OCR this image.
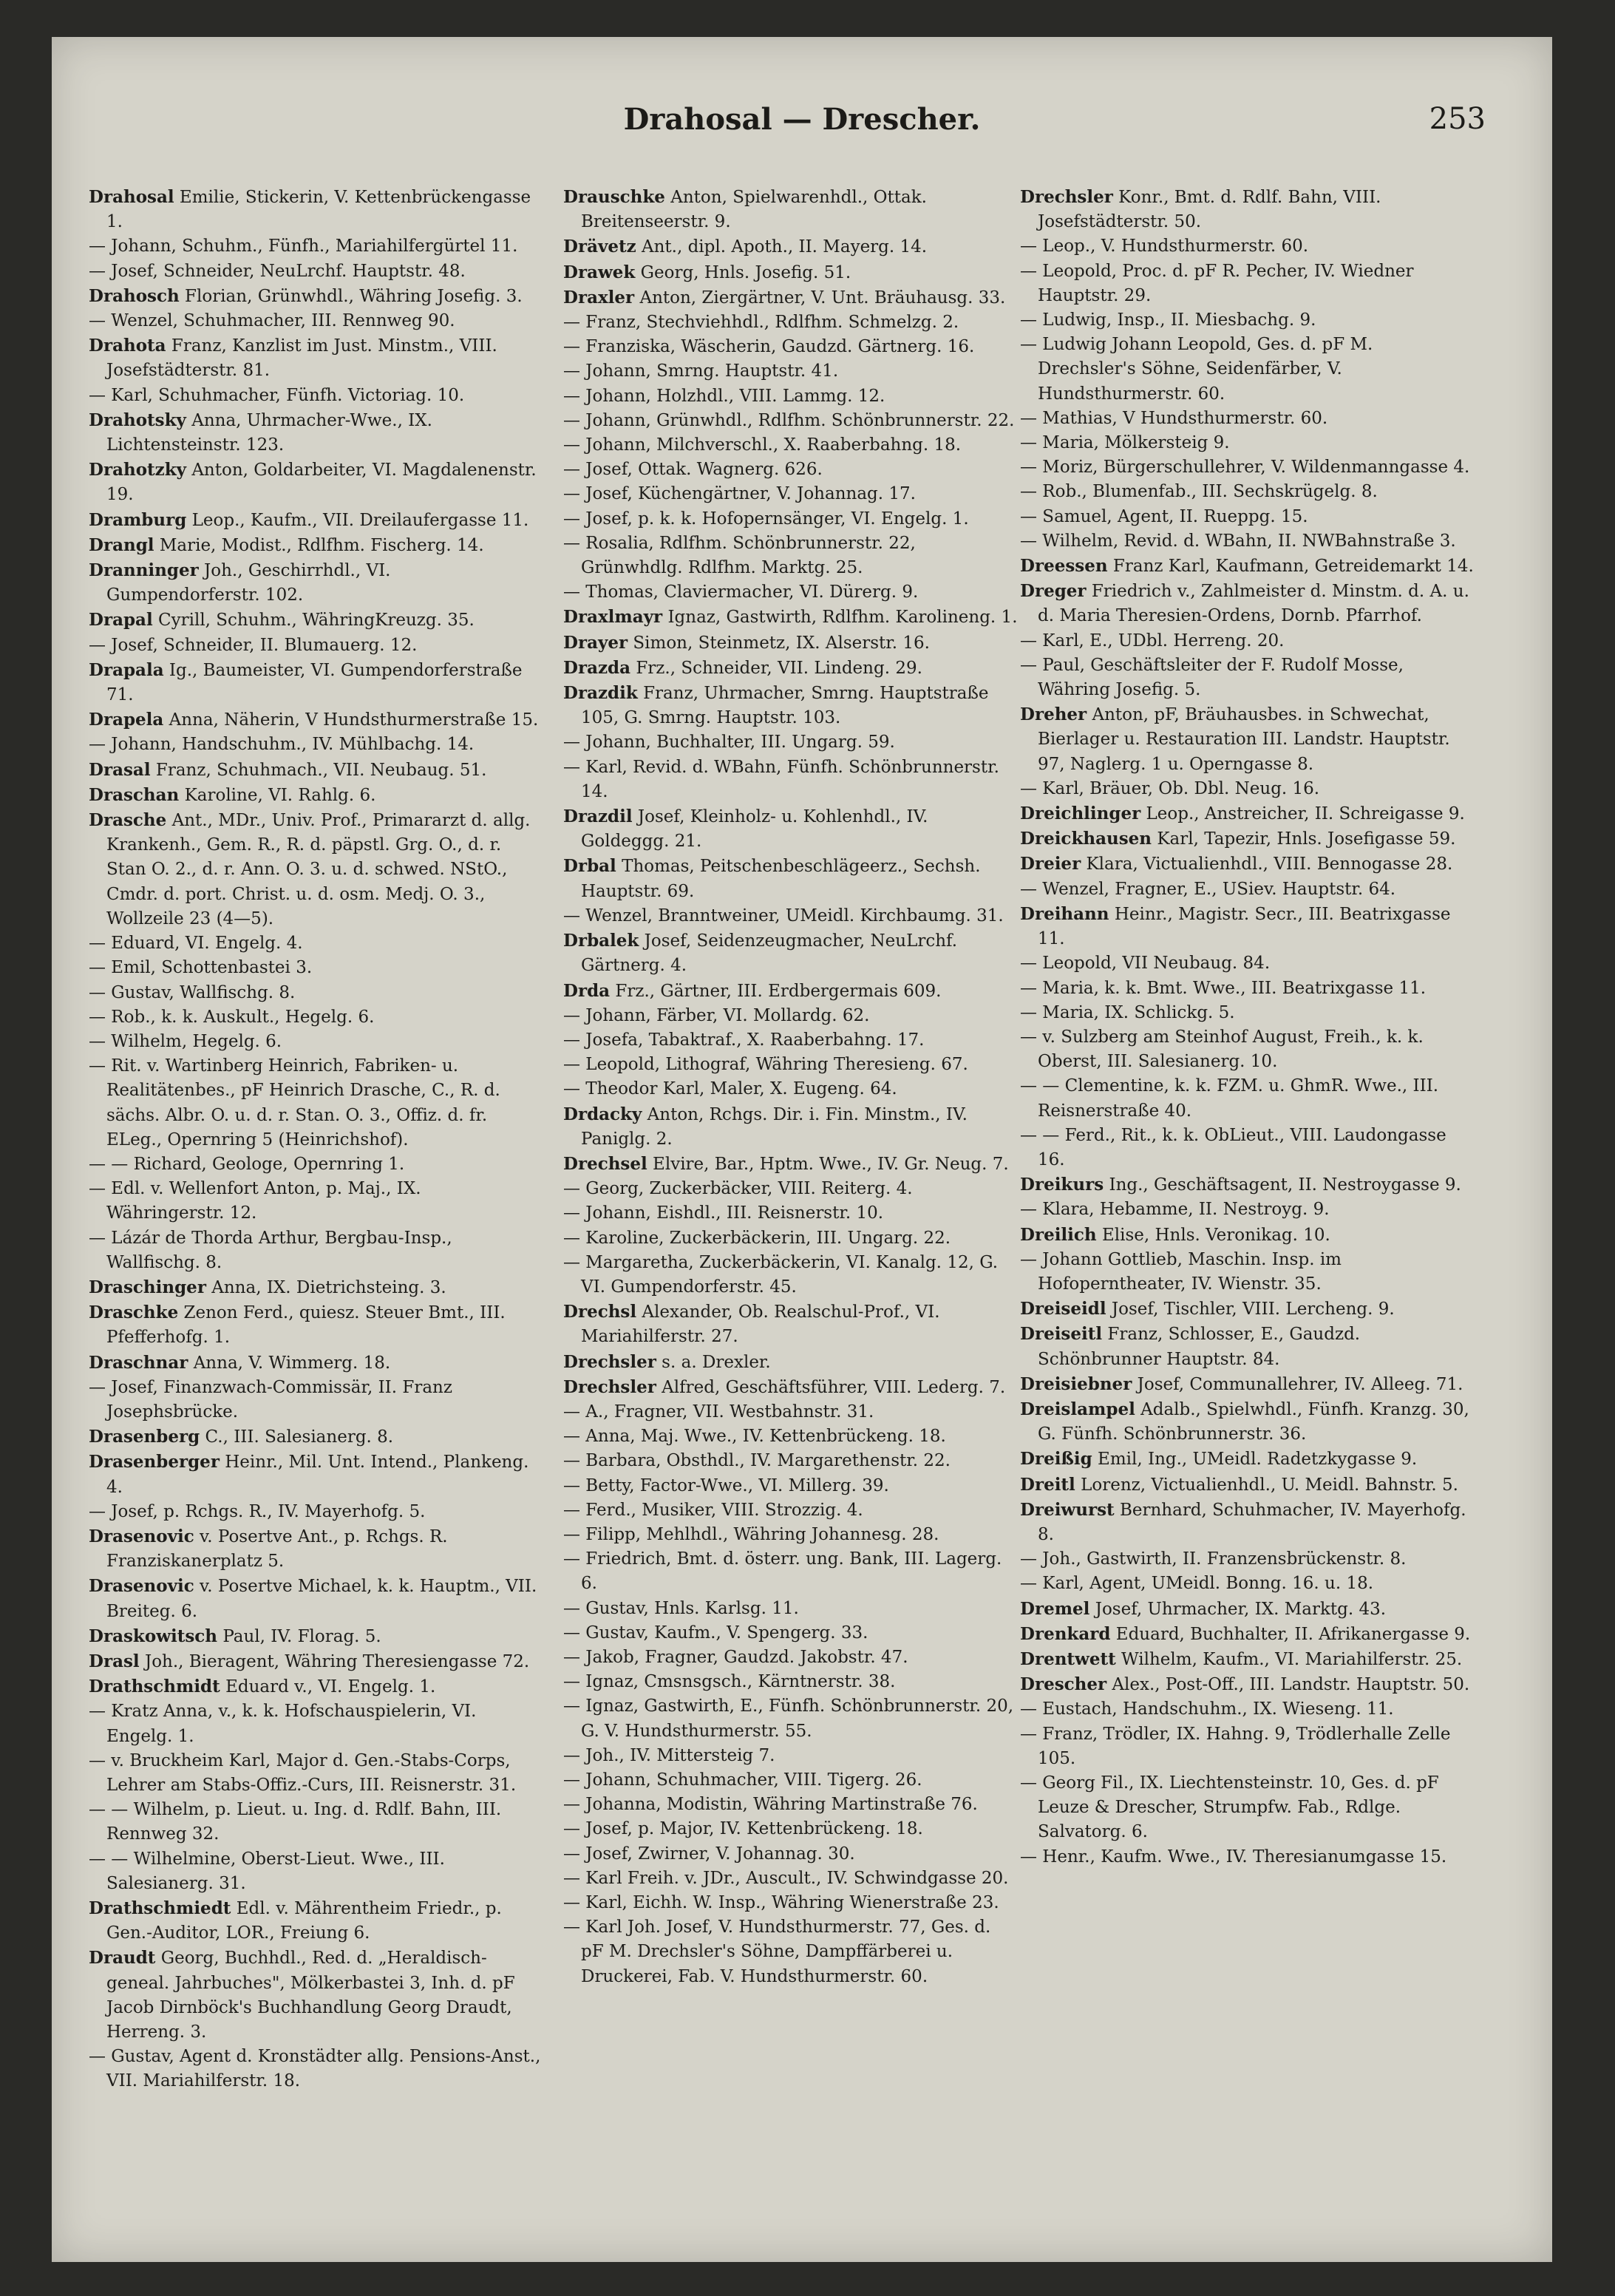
Drahosal — Drescher.	253

Drahosal Emilie, Stickerin, V. Kettenbrückengasse 1.

— Johann, Schuhm., Fünfh., Mariahilfergürtel 11.

— Josef, Schneider, NeuLrchf. Hauptstr. 48.

Drahosch Florian, Grünwhdl., Währing Josefig. 3.

— Wenzel, Schuhmacher, III. Rennweg 90.

Drahota Franz, Kanzlist im Just. Minstm., VIII. Josefstädterstr. 81.

— Karl, Schuhmacher, Fünfh. Victoriag. 10.

Drahotsky Anna, Uhrmacher-Wwe., IX. Lichtensteinstr. 123.

Drahotzky Anton, Goldarbeiter, VI. Magdalenenstr. 19.

Dramburg Leop., Kaufm., VII. Dreilaufergasse 11.

Drangl Marie, Modist., Rdlfhm. Fischerg. 14.

Dranninger Joh., Geschirrhdl., VI. Gumpendorferstr. 102.

Drapal Cyrill, Schuhm., WähringKreuzg. 35.

— Josef, Schneider, II. Blumauerg. 12.

Drapala Ig., Baumeister, VI. Gumpendorferstraße 71.

Drapela Anna, Näherin, V Hundsthurmerstraße 15.

— Johann, Handschuhm., IV. Mühlbachg. 14.

Drasal Franz, Schuhmach., VII. Neubaug. 51.

Draschan Karoline, VI. Rahlg. 6.

Drasche Ant., MDr., Univ. Prof., Primararzt d. allg. Krankenh., Gem. R., R. d. päpstl. Grg. O., d. r. Stan O. 2., d. r. Ann. O. 3. u. d. schwed. NStO., Cmdr. d. port. Christ. u. d. osm. Medj. O. 3., Wollzeile 23 (4—5).

— Eduard, VI. Engelg. 4.

— Emil, Schottenbastei 3.

— Gustav, Wallfischg. 8.

— Rob., k. k. Auskult., Hegelg. 6.

— Wilhelm, Hegelg. 6.

— Rit. v. Wartinberg Heinrich, Fabriken- u. Realitätenbes., pF Heinrich Drasche, C., R. d. sächs. Albr. O. u. d. r. Stan. O. 3., Offiz. d. fr. ELeg., Opernring 5 (Heinrichshof).

— — Richard, Geologe, Opernring 1.

— Edl. v. Wellenfort Anton, p. Maj., IX. Währingerstr. 12.

— Lázár de Thorda Arthur, Bergbau-Insp., Wallfischg. 8.

Draschinger Anna, IX. Dietrichsteing. 3.

Draschke Zenon Ferd., quiesz. Steuer Bmt., III. Pfefferhofg. 1.

Draschnar Anna, V. Wimmerg. 18.

— Josef, Finanzwach-Commissär, II. Franz Josephsbrücke.

Drasenberg C., III. Salesianerg. 8.

Drasenberger Heinr., Mil. Unt. Intend., Plankeng. 4.

— Josef, p. Rchgs. R., IV. Mayerhofg. 5.

Drasenovic v. Posertve Ant., p. Rchgs. R. Franziskanerplatz 5.

Drasenovic v. Posertve Michael, k. k. Hauptm., VII. Breiteg. 6.

Draskowitsch Paul, IV. Florag. 5.

Drasl Joh., Bieragent, Währing Theresiengasse 72.

Drathschmidt Eduard v., VI. Engelg. 1.

— Kratz Anna, v., k. k. Hofschauspielerin, VI. Engelg. 1.

— v. Bruckheim Karl, Major d. Gen.-Stabs-Corps, Lehrer am Stabs-Offiz.-Curs, III. Reisnerstr. 31.

— — Wilhelm, p. Lieut. u. Ing. d. Rdlf. Bahn, III. Rennweg 32.

— — Wilhelmine, Oberst-Lieut. Wwe., III. Salesianerg. 31.

Drathschmiedt Edl. v. Mährentheim Friedr., p. Gen.-Auditor, LOR., Freiung 6.

Draudt Georg, Buchhdl., Red. d. „Heraldisch-geneal. Jahrbuches", Mölkerbastei 3, Inh. d. pF Jacob Dirnböck's Buchhandlung Georg Draudt, Herreng. 3.

— Gustav, Agent d. Kronstädter allg. Pensions-Anst., VII. Mariahilferstr. 18.

Drauschke Anton, Spielwarenhdl., Ottak. Breitenseerstr. 9.

Drävetz Ant., dipl. Apoth., II. Mayerg. 14.

Drawek Georg, Hnls. Josefig. 51.

Draxler Anton, Ziergärtner, V. Unt. Bräuhausg. 33.

— Franz, Stechviehhdl., Rdlfhm. Schmelzg. 2.

— Franziska, Wäscherin, Gaudzd. Gärtnerg. 16.

— Johann, Smrng. Hauptstr. 41.

— Johann, Holzhdl., VIII. Lammg. 12.

— Johann, Grünwhdl., Rdlfhm. Schönbrunnerstr. 22.

— Johann, Milchverschl., X. Raaberbahng. 18.

— Josef, Ottak. Wagnerg. 626.

— Josef, Küchengärtner, V. Johannag. 17.

— Josef, p. k. k. Hofopernsänger, VI. Engelg. 1.

— Rosalia, Rdlfhm. Schönbrunnerstr. 22, Grünwhdlg. Rdlfhm. Marktg. 25.

— Thomas, Claviermacher, VI. Dürerg. 9.

Draxlmayr Ignaz, Gastwirth, Rdlfhm. Karolineng. 1.

Drayer Simon, Steinmetz, IX. Alserstr. 16.

Drazda Frz., Schneider, VII. Lindeng. 29.

Drazdik Franz, Uhrmacher, Smrng. Hauptstraße 105, G. Smrng. Hauptstr. 103.

— Johann, Buchhalter, III. Ungarg. 59.

— Karl, Revid. d. WBahn, Fünfh. Schönbrunnerstr. 14.

Drazdil Josef, Kleinholz- u. Kohlenhdl., IV. Goldeggg. 21.

Drbal Thomas, Peitschenbeschlägeerz., Sechsh. Hauptstr. 69.

— Wenzel, Branntweiner, UMeidl. Kirchbaumg. 31.

Drbalek Josef, Seidenzeugmacher, NeuLrchf. Gärtnerg. 4.

Drda Frz., Gärtner, III. Erdbergermais 609.

— Johann, Färber, VI. Mollardg. 62.

— Josefa, Tabaktraf., X. Raaberbahng. 17.

— Leopold, Lithograf, Währing Theresieng. 67.

— Theodor Karl, Maler, X. Eugeng. 64.

Drdacky Anton, Rchgs. Dir. i. Fin. Minstm., IV. Paniglg. 2.

Drechsel Elvire, Bar., Hptm. Wwe., IV. Gr. Neug. 7.

— Georg, Zuckerbäcker, VIII. Reiterg. 4.

— Johann, Eishdl., III. Reisnerstr. 10.

— Karoline, Zuckerbäckerin, III. Ungarg. 22.

— Margaretha, Zuckerbäckerin, VI. Kanalg. 12, G. VI. Gumpendorferstr. 45.

Drechsl Alexander, Ob. Realschul-Prof., VI. Mariahilferstr. 27.

Drechsler s. a. Drexler.

Drechsler Alfred, Geschäftsführer, VIII. Lederg. 7.

— A., Fragner, VII. Westbahnstr. 31.

— Anna, Maj. Wwe., IV. Kettenbrückeng. 18.

— Barbara, Obsthdl., IV. Margarethenstr. 22.

— Betty, Factor-Wwe., VI. Millerg. 39.

— Ferd., Musiker, VIII. Strozzig. 4.

— Filipp, Mehlhdl., Währing Johannesg. 28.

— Friedrich, Bmt. d. österr. ung. Bank, III. Lagerg. 6.

— Gustav, Hnls. Karlsg. 11.

— Gustav, Kaufm., V. Spengerg. 33.

— Jakob, Fragner, Gaudzd. Jakobstr. 47.

— Ignaz, Cmsnsgsch., Kärntnerstr. 38.

— Ignaz, Gastwirth, E., Fünfh. Schönbrunnerstr. 20, G. V. Hundsthurmerstr. 55.

— Joh., IV. Mittersteig 7.

— Johann, Schuhmacher, VIII. Tigerg. 26.

— Johanna, Modistin, Währing Martinstraße 76.

— Josef, p. Major, IV. Kettenbrückeng. 18.

— Josef, Zwirner, V. Johannag. 30.

— Karl Freih. v. JDr., Auscult., IV. Schwindgasse 20.

— Karl, Eichh. W. Insp., Währing Wienerstraße 23.

— Karl Joh. Josef, V. Hundsthurmerstr. 77, Ges. d. pF M. Drechsler's Söhne, Dampffärberei u. Druckerei, Fab. V. Hundsthurmerstr. 60.

Drechsler Konr., Bmt. d. Rdlf. Bahn, VIII. Josefstädterstr. 50.

— Leop., V. Hundsthurmerstr. 60.

— Leopold, Proc. d. pF R. Pecher, IV. Wiedner Hauptstr. 29.

— Ludwig, Insp., II. Miesbachg. 9.

— Ludwig Johann Leopold, Ges. d. pF M. Drechsler's Söhne, Seidenfärber, V. Hundsthurmerstr. 60.

— Mathias, V Hundsthurmerstr. 60.

— Maria, Mölkersteig 9.

— Moriz, Bürgerschullehrer, V. Wildenmanngasse 4.

— Rob., Blumenfab., III. Sechskrügelg. 8.

— Samuel, Agent, II. Rueppg. 15.

— Wilhelm, Revid. d. WBahn, II. NWBahnstraße 3.

Dreessen Franz Karl, Kaufmann, Getreidemarkt 14.

Dreger Friedrich v., Zahlmeister d. Minstm. d. A. u. d. Maria Theresien-Ordens, Dornb. Pfarrhof.

— Karl, E., UDbl. Herreng. 20.

— Paul, Geschäftsleiter der F. Rudolf Mosse, Währing Josefig. 5.

Dreher Anton, pF, Bräuhausbes. in Schwechat, Bierlager u. Restauration III. Landstr. Hauptstr. 97, Naglerg. 1 u. Operngasse 8.

— Karl, Bräuer, Ob. Dbl. Neug. 16.

Dreichlinger Leop., Anstreicher, II. Schreigasse 9.

Dreickhausen Karl, Tapezir, Hnls. Josefigasse 59.

Dreier Klara, Victualienhdl., VIII. Bennogasse 28.

— Wenzel, Fragner, E., USiev. Hauptstr. 64.

Dreihann Heinr., Magistr. Secr., III. Beatrixgasse 11.

— Leopold, VII Neubaug. 84.

— Maria, k. k. Bmt. Wwe., III. Beatrixgasse 11.

— Maria, IX. Schlickg. 5.

— v. Sulzberg am Steinhof August, Freih., k. k. Oberst, III. Salesianerg. 10.

— — Clementine, k. k. FZM. u. GhmR. Wwe., III. Reisnerstraße 40.

— — Ferd., Rit., k. k. ObLieut., VIII. Laudongasse 16.

Dreikurs Ing., Geschäftsagent, II. Nestroygasse 9.

— Klara, Hebamme, II. Nestroyg. 9.

Dreilich Elise, Hnls. Veronikag. 10.

— Johann Gottlieb, Maschin. Insp. im Hofoperntheater, IV. Wienstr. 35.

Dreiseidl Josef, Tischler, VIII. Lercheng. 9.

Dreiseitl Franz, Schlosser, E., Gaudzd. Schönbrunner Hauptstr. 84.

Dreisiebner Josef, Communallehrer, IV. Alleeg. 71.

Dreislampel Adalb., Spielwhdl., Fünfh. Kranzg. 30, G. Fünfh. Schönbrunnerstr. 36.

Dreißig Emil, Ing., UMeidl. Radetzkygasse 9.

Dreitl Lorenz, Victualienhdl., U. Meidl. Bahnstr. 5.

Dreiwurst Bernhard, Schuhmacher, IV. Mayerhofg. 8.

— Joh., Gastwirth, II. Franzensbrückenstr. 8.

— Karl, Agent, UMeidl. Bonng. 16. u. 18.

Dremel Josef, Uhrmacher, IX. Marktg. 43.

Drenkard Eduard, Buchhalter, II. Afrikanergasse 9.

Drentwett Wilhelm, Kaufm., VI. Mariahilferstr. 25.

Drescher Alex., Post-Off., III. Landstr. Hauptstr. 50.

— Eustach, Handschuhm., IX. Wieseng. 11.

— Franz, Trödler, IX. Hahng. 9, Trödlerhalle Zelle 105.

— Georg Fil., IX. Liechtensteinstr. 10, Ges. d. pF Leuze & Drescher, Strumpfw. Fab., Rdlge. Salvatorg. 6.

— Henr., Kaufm. Wwe., IV. Theresianumgasse 15.
